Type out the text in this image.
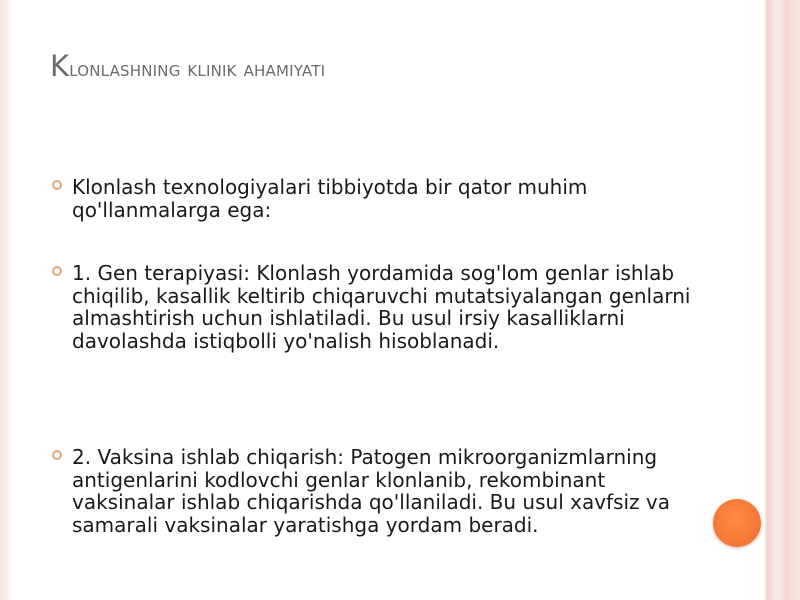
Klonlashning klinik ahamiyati
Klonlash texnologiyalari tibbiyotda bir qator muhim qo'llanmalarga ega:
1. Gen terapiyasi: Klonlash yordamida sog'lom genlar ishlab chiqilib, kasallik keltirib chiqaruvchi mutatsiyalangan genlarni almashtirish uchun ishlatiladi. Bu usul irsiy kasalliklarni davolashda istiqbolli yo'nalish hisoblanadi.
2. Vaksina ishlab chiqarish: Patogen mikroorganizmlarning antigenlarini kodlovchi genlar klonlanib, rekombinant vaksinalar ishlab chiqarishda qo'llaniladi. Bu usul xavfsiz va samarali vaksinalar yaratishga yordam beradi.
